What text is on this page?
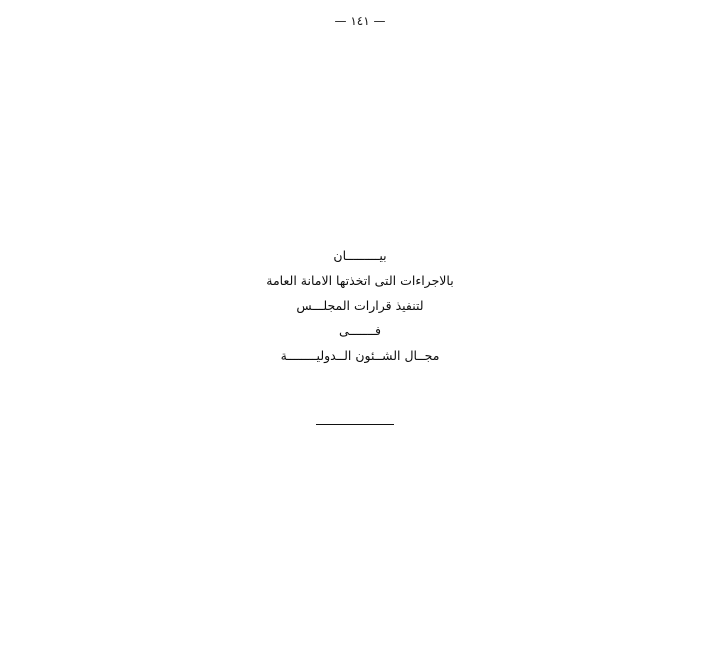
— ١٤١ —
بيـــــــــان
بالاجراءات التى اتخذتها الامانة العامة
لتنفيذ قرارات المجلـــس
فـــــــى
مجــال الشــئون الــدوليــــــــة
